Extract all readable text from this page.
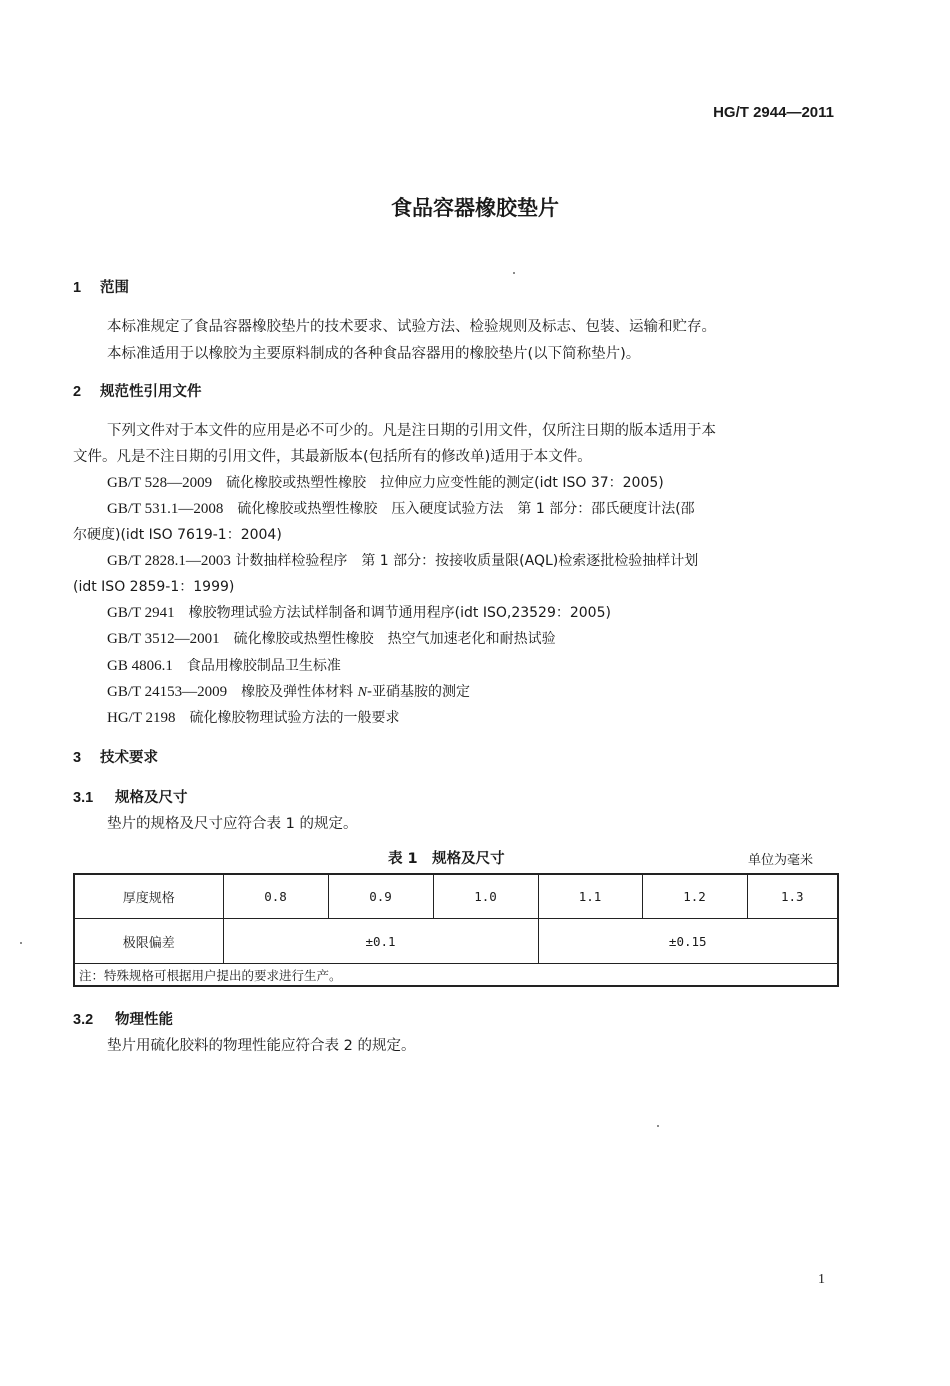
HG/T 2944—2011
食品容器橡胶垫片
1 范围
本标准规定了食品容器橡胶垫片的技术要求、试验方法、检验规则及标志、包装、运输和贮存。
本标准适用于以橡胶为主要原料制成的各种食品容器用的橡胶垫片(以下简称垫片)。
2 规范性引用文件
下列文件对于本文件的应用是必不可少的。凡是注日期的引用文件，仅所注日期的版本适用于本
文件。凡是不注日期的引用文件，其最新版本(包括所有的修改单)适用于本文件。
GB/T 528—2009　 硫化橡胶或热塑性橡胶　拉伸应力应变性能的测定(idt ISO 37：2005)
GB/T 531.1—2008　 硫化橡胶或热塑性橡胶　压入硬度试验方法　第 1 部分：邵氏硬度计法(邵
尔硬度)(idt ISO 7619-1：2004)
GB/T 2828.1—2003 计数抽样检验程序　第 1 部分：按接收质量限(AQL)检索逐批检验抽样计划
(idt ISO 2859-1：1999)
GB/T 2941　 橡胶物理试验方法试样制备和调节通用程序(idt ISO,23529：2005)
GB/T 3512—2001　 硫化橡胶或热塑性橡胶　热空气加速老化和耐热试验
GB 4806.1　 食品用橡胶制品卫生标准
GB/T 24153—2009　 橡胶及弹性体材料 N-亚硝基胺的测定
HG/T 2198　 硫化橡胶物理试验方法的一般要求
3 技术要求
3.1 规格及尺寸
垫片的规格及尺寸应符合表 1 的规定。
表 1　规格及尺寸	单位为毫米
厚度规格	0.8	0.9	1.0	1.1	1.2	1.3
极限偏差	±0.1			±0.15		
注：特殊规格可根据用户提出的要求进行生产。						
3.2 物理性能
垫片用硫化胶料的物理性能应符合表 2 的规定。
1
